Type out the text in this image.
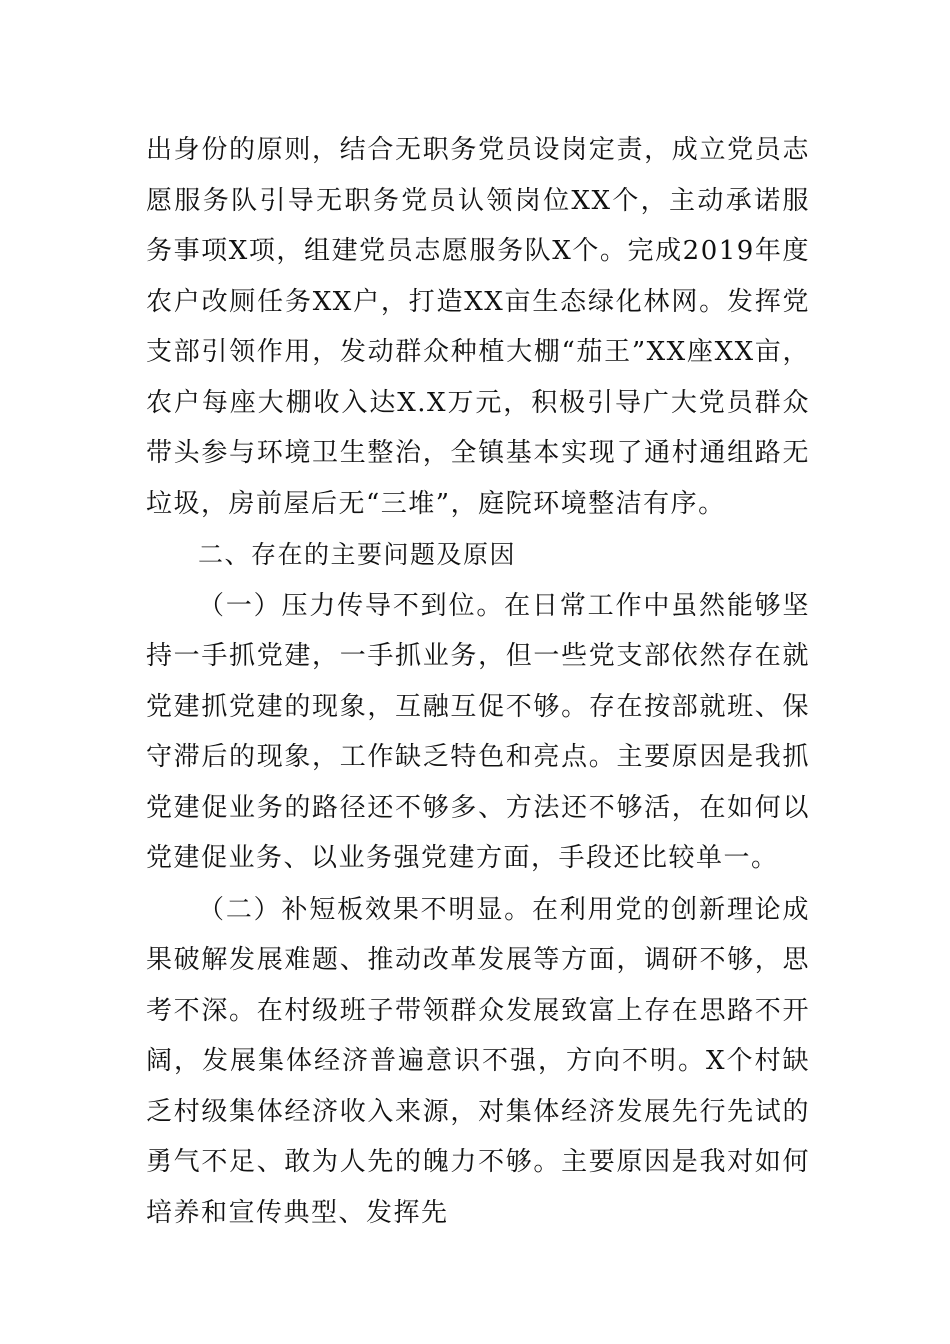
出身份的原则，结合无职务党员设岗定责，成立党员志愿服务队引导无职务党员认领岗位XX个，主动承诺服务事项X项，组建党员志愿服务队X个。完成2019年度农户改厕任务XX户，打造XX亩生态绿化林网。发挥党支部引领作用，发动群众种植大棚“茄王”XX座XX亩，农户每座大棚收入达X.X万元，积极引导广大党员群众带头参与环境卫生整治，全镇基本实现了通村通组路无垃圾，房前屋后无“三堆”，庭院环境整洁有序。

二、存在的主要问题及原因

（一）压力传导不到位。在日常工作中虽然能够坚持一手抓党建，一手抓业务，但一些党支部依然存在就党建抓党建的现象，互融互促不够。存在按部就班、保守滞后的现象，工作缺乏特色和亮点。主要原因是我抓党建促业务的路径还不够多、方法还不够活，在如何以党建促业务、以业务强党建方面，手段还比较单一。

（二）补短板效果不明显。在利用党的创新理论成果破解发展难题、推动改革发展等方面，调研不够，思考不深。在村级班子带领群众发展致富上存在思路不开阔，发展集体经济普遍意识不强，方向不明。X个村缺乏村级集体经济收入来源，对集体经济发展先行先试的勇气不足、敢为人先的魄力不够。主要原因是我对如何培养和宣传典型、发挥先
